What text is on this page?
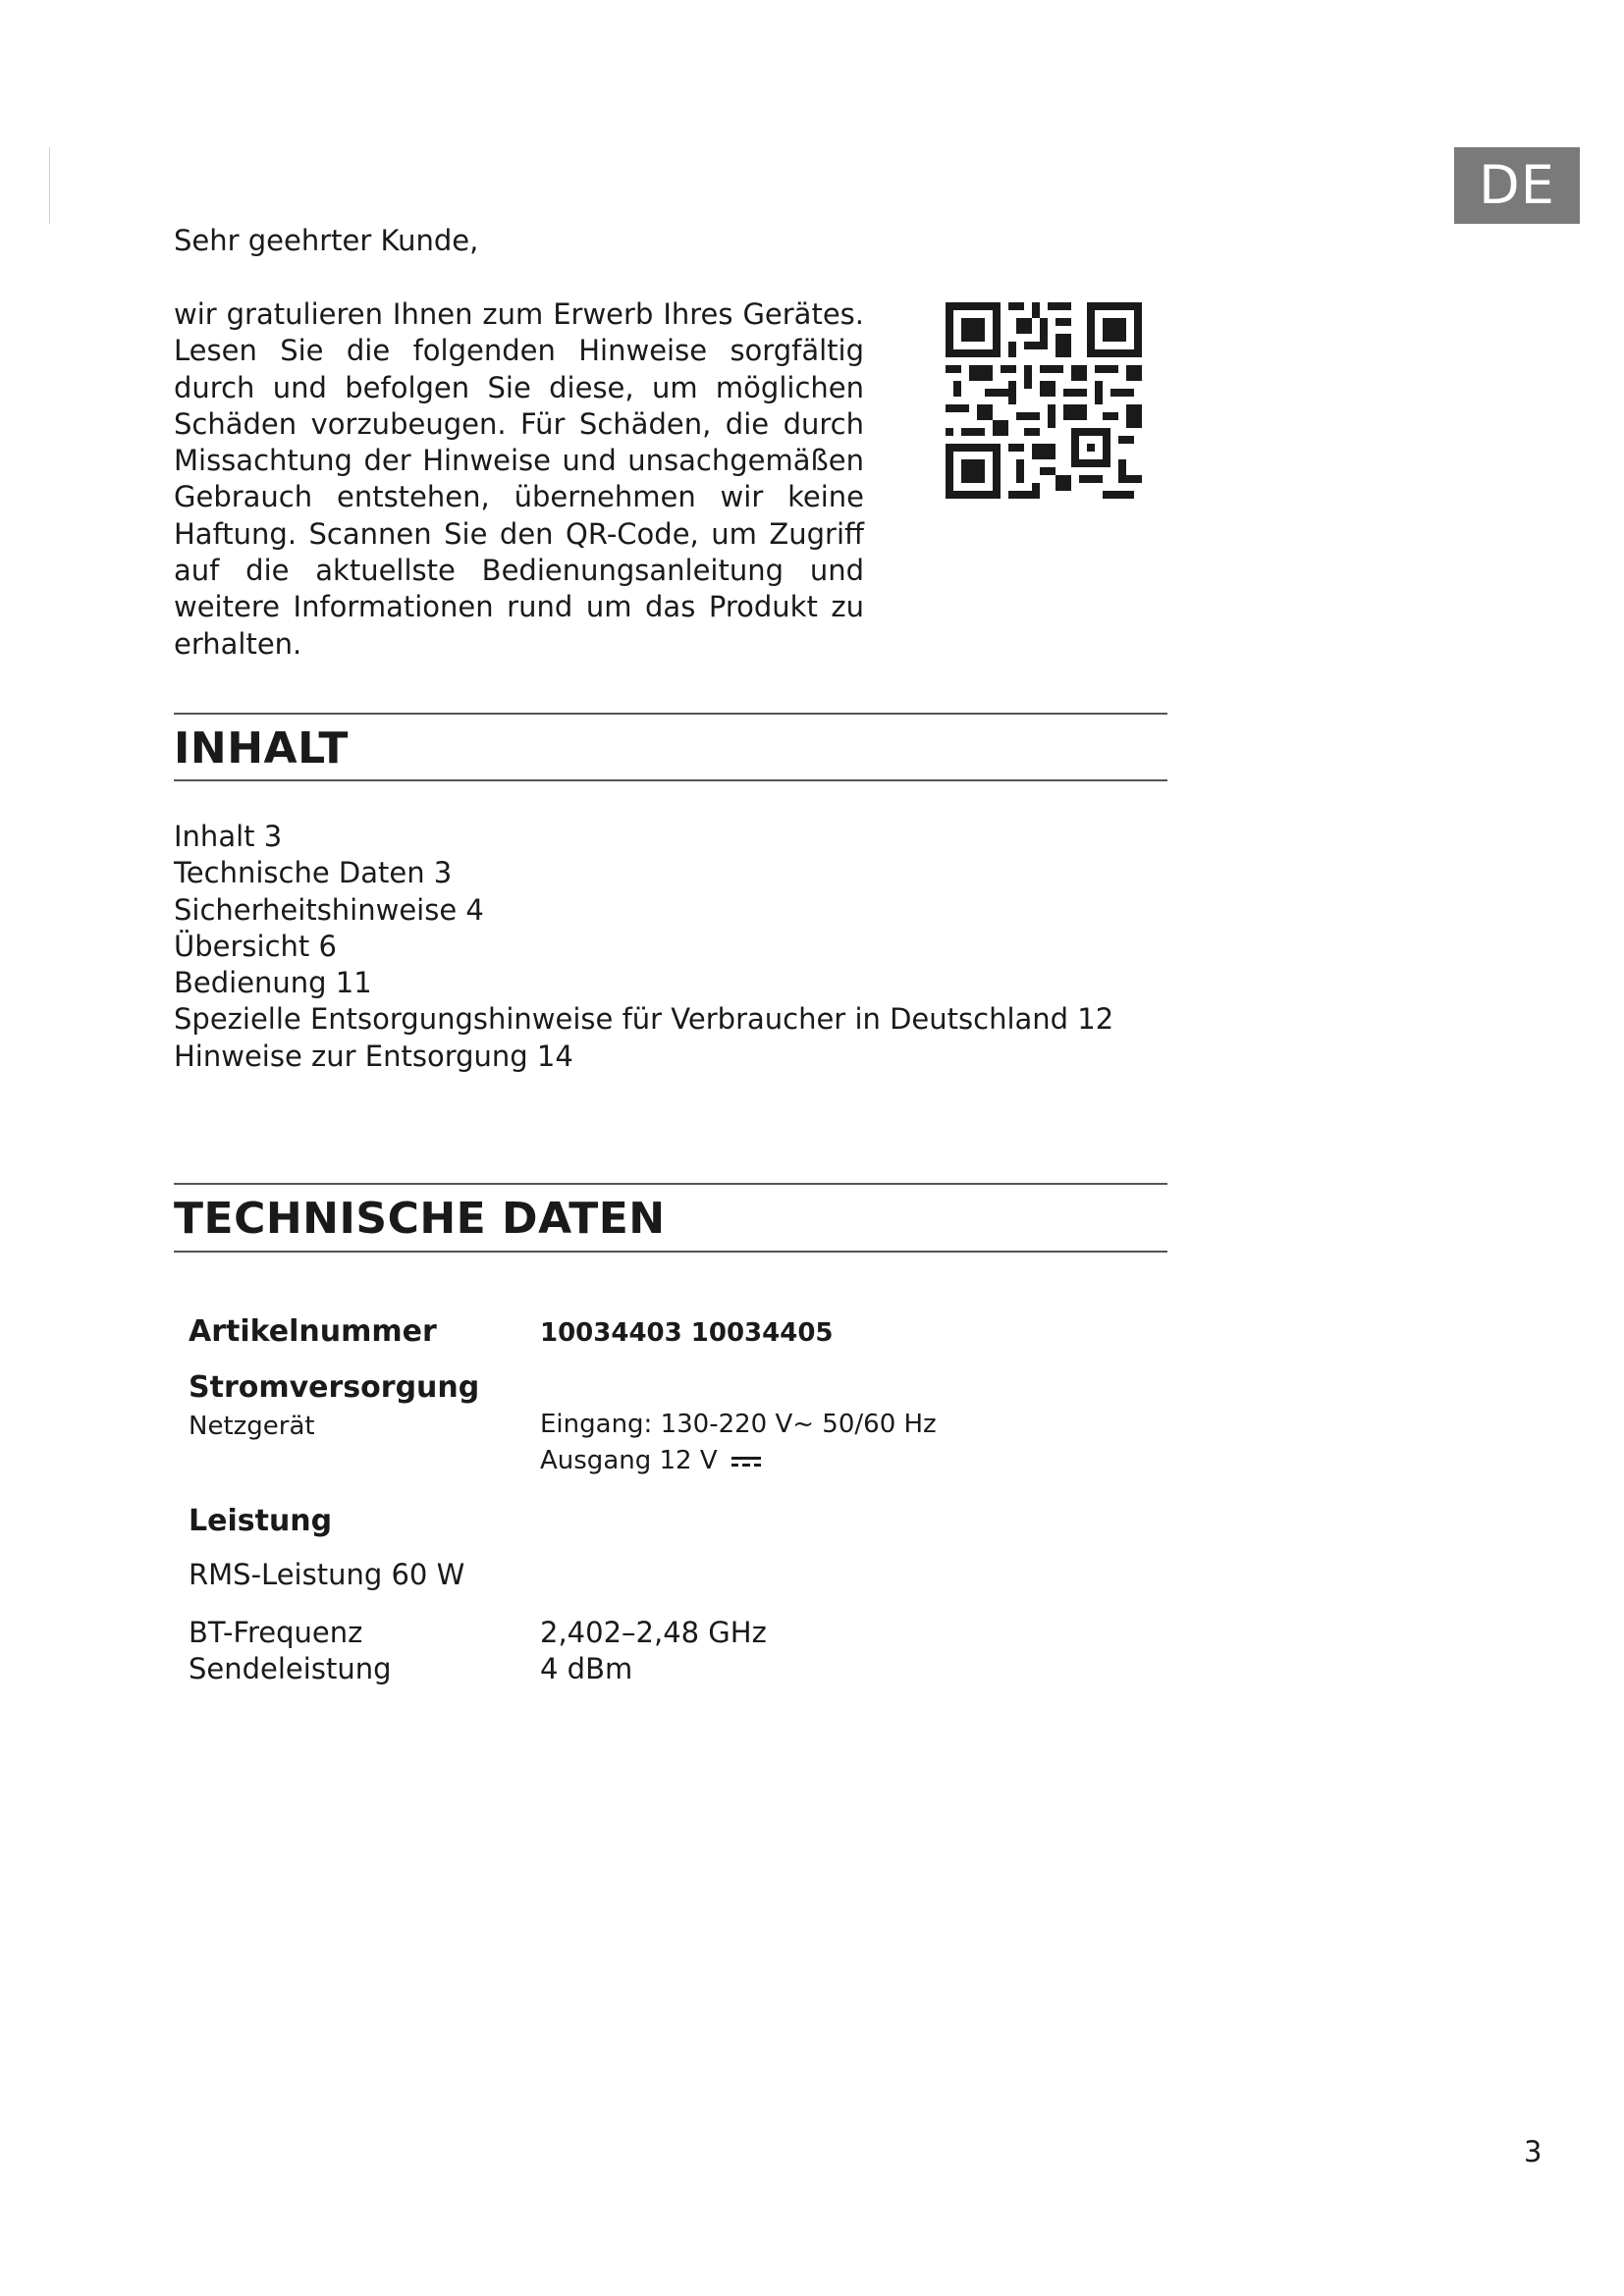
DE
Sehr geehrter Kunde,
wir gratulieren Ihnen zum Erwerb Ihres Gerätes. Lesen Sie die folgenden Hinweise sorgfältig durch und befolgen Sie diese, um möglichen Schäden vorzubeugen. Für Schäden, die durch Missachtung der Hinweise und unsachgemäßen Gebrauch entstehen, übernehmen wir keine Haftung. Scannen Sie den QR-Code, um Zugriff auf die aktuellste Bedienungsanleitung und weitere Informationen rund um das Produkt zu erhalten.
INHALT
Inhalt 3
Technische Daten 3
Sicherheitshinweise 4
Übersicht 6
Bedienung 11
Spezielle Entsorgungshinweise für Verbraucher in Deutschland 12
Hinweise zur Entsorgung 14
TECHNISCHE DATEN
Artikelnummer	10034403 10034405
Stromversorgung
Netzgerät	Eingang: 130-220 V~ 50/60 Hz
Ausgang 12 V
Leistung
RMS-Leistung 60 W
BT-Frequenz	2,402–2,48 GHz
Sendeleistung	4 dBm
3
